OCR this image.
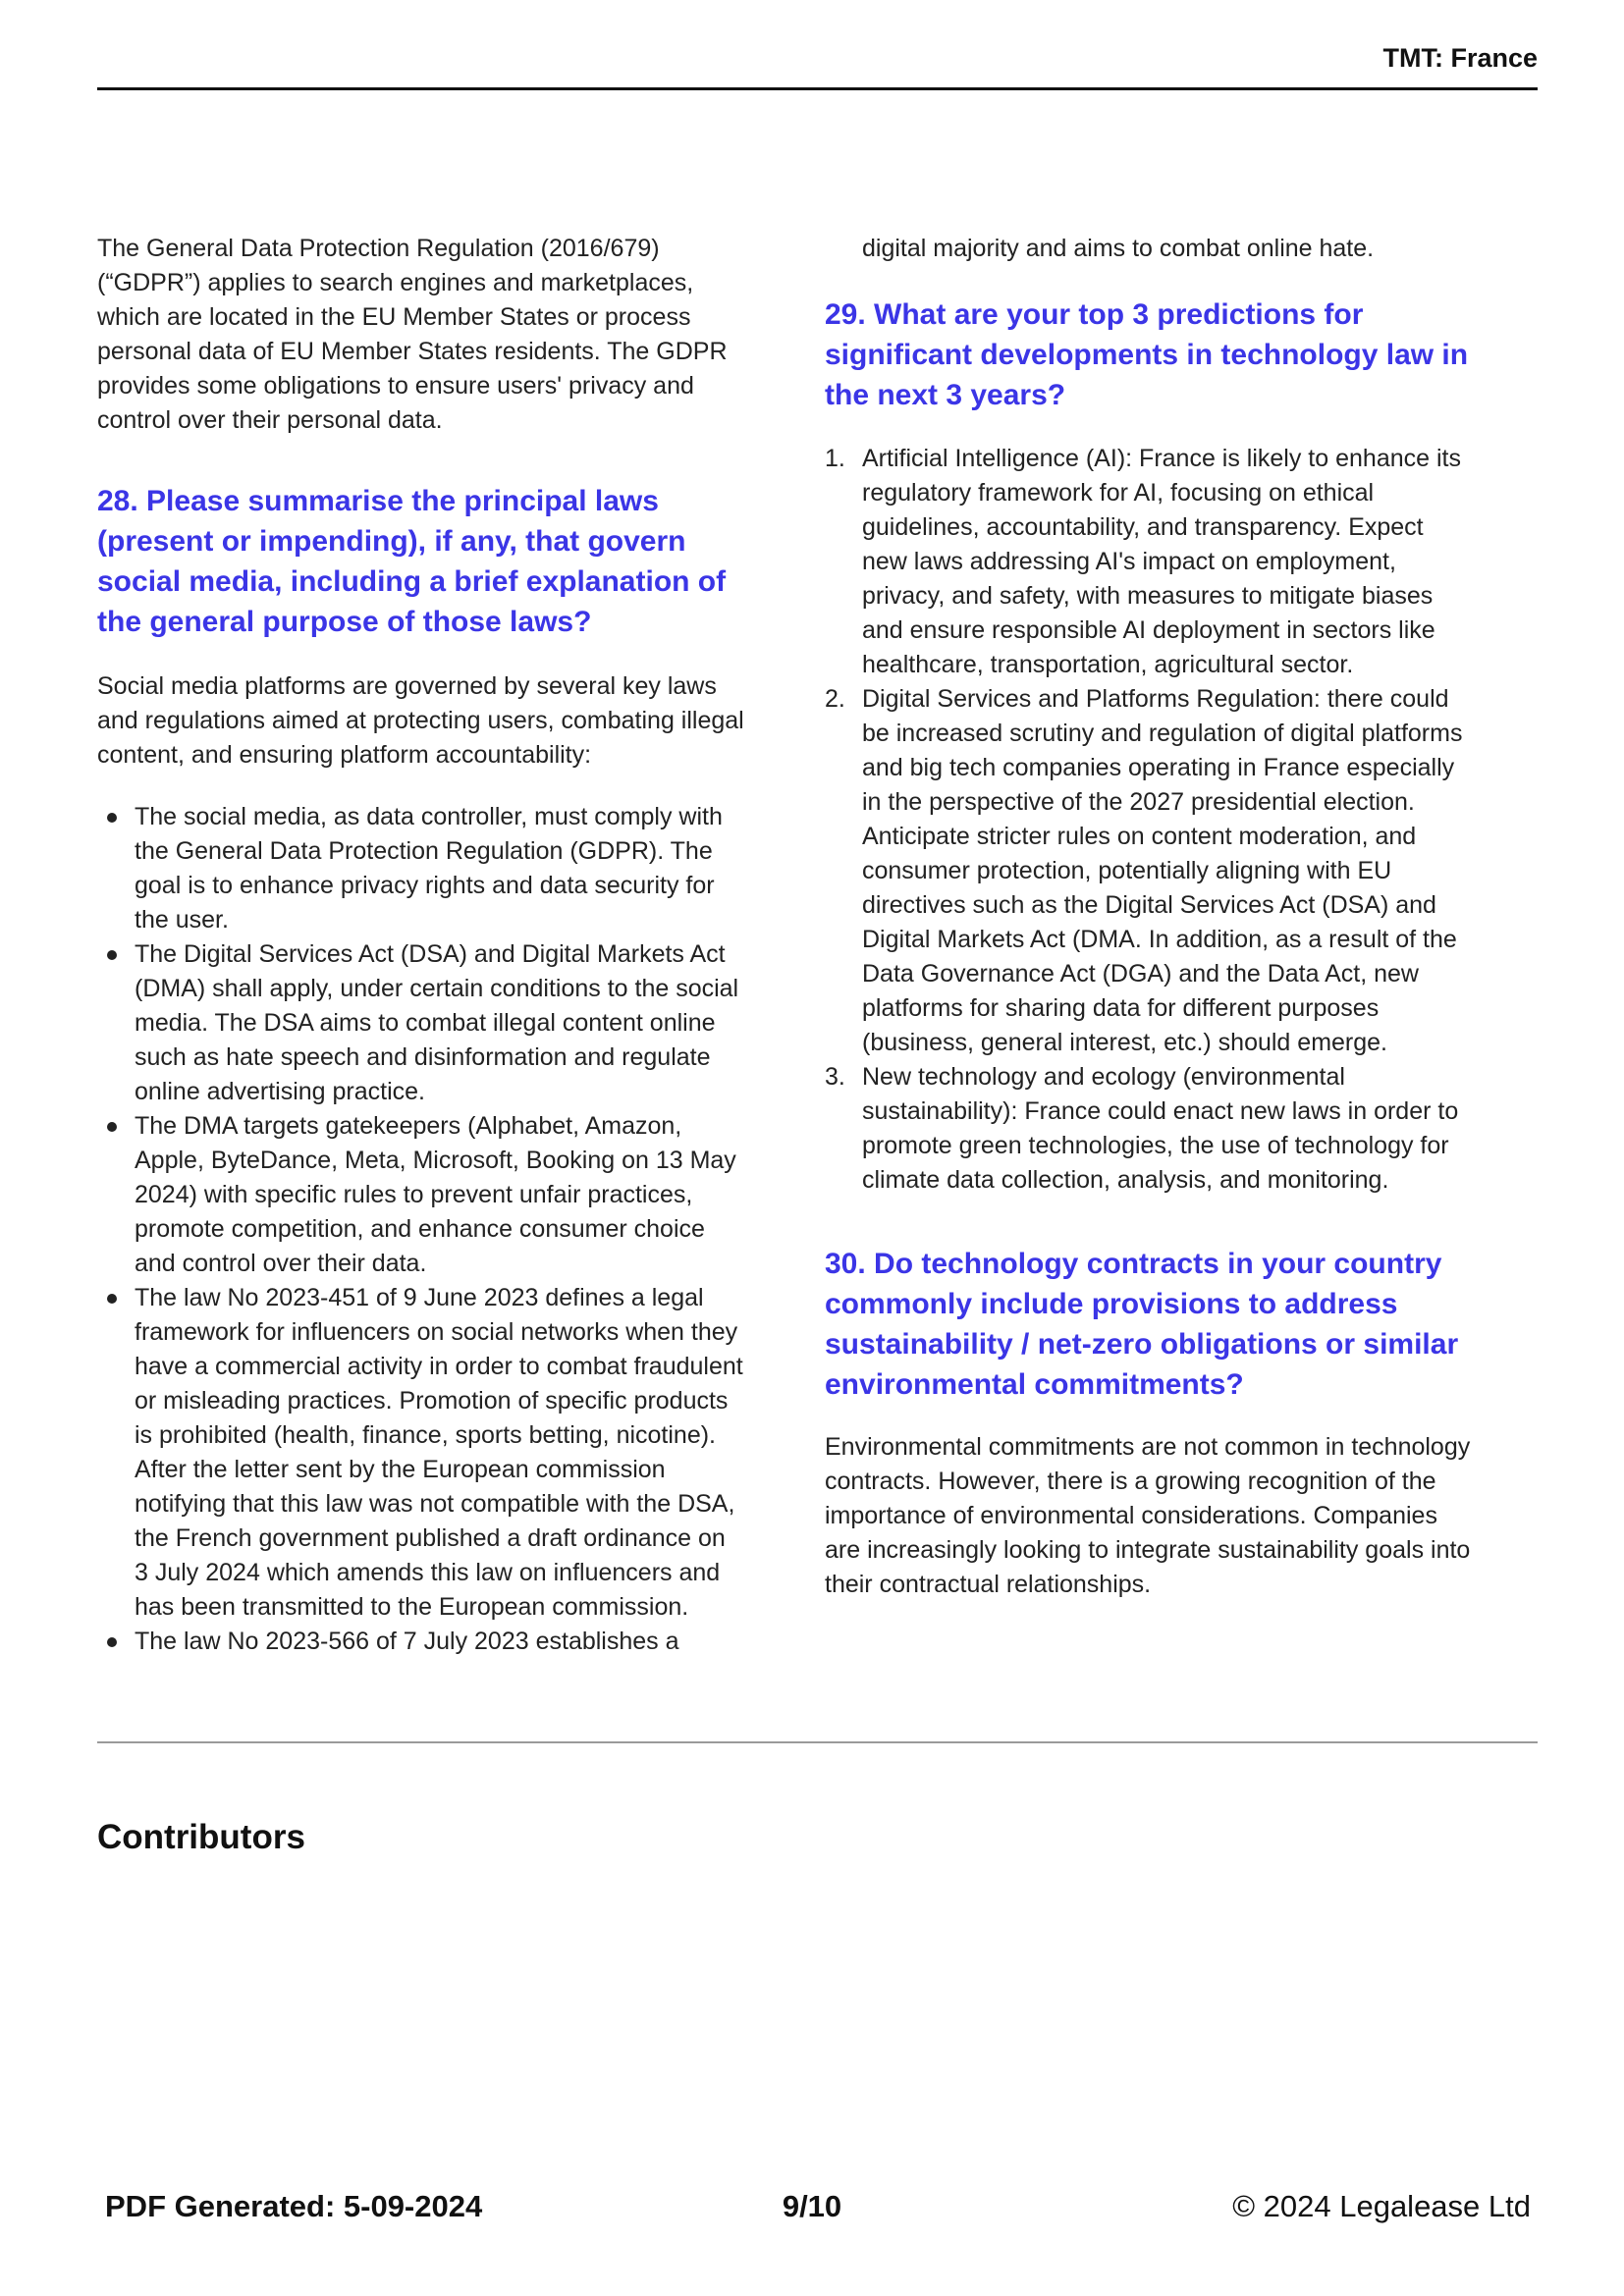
TMT: France

The General Data Protection Regulation (2016/679) (“GDPR”) applies to search engines and marketplaces, which are located in the EU Member States or process personal data of EU Member States residents. The GDPR provides some obligations to ensure users' privacy and control over their personal data.

28. Please summarise the principal laws (present or impending), if any, that govern social media, including a brief explanation of the general purpose of those laws?

Social media platforms are governed by several key laws and regulations aimed at protecting users, combating illegal content, and ensuring platform accountability:

The social media, as data controller, must comply with the General Data Protection Regulation (GDPR). The goal is to enhance privacy rights and data security for the user.
The Digital Services Act (DSA) and Digital Markets Act (DMA) shall apply, under certain conditions to the social media. The DSA aims to combat illegal content online such as hate speech and disinformation and regulate online advertising practice.
The DMA targets gatekeepers (Alphabet, Amazon, Apple, ByteDance, Meta, Microsoft, Booking on 13 May 2024) with specific rules to prevent unfair practices, promote competition, and enhance consumer choice and control over their data.
The law No 2023-451 of 9 June 2023 defines a legal framework for influencers on social networks when they have a commercial activity in order to combat fraudulent or misleading practices. Promotion of specific products is prohibited (health, finance, sports betting, nicotine). After the letter sent by the European commission notifying that this law was not compatible with the DSA, the French government published a draft ordinance on 3 July 2024 which amends this law on influencers and has been transmitted to the European commission.
The law No 2023-566 of 7 July 2023 establishes a

digital majority and aims to combat online hate.

29. What are your top 3 predictions for significant developments in technology law in the next 3 years?
1. Artificial Intelligence (AI): France is likely to enhance its regulatory framework for AI, focusing on ethical guidelines, accountability, and transparency. Expect new laws addressing AI's impact on employment, privacy, and safety, with measures to mitigate biases and ensure responsible AI deployment in sectors like healthcare, transportation, agricultural sector.
2. Digital Services and Platforms Regulation: there could be increased scrutiny and regulation of digital platforms and big tech companies operating in France especially in the perspective of the 2027 presidential election. Anticipate stricter rules on content moderation, and consumer protection, potentially aligning with EU directives such as the Digital Services Act (DSA) and Digital Markets Act (DMA. In addition, as a result of the Data Governance Act (DGA) and the Data Act, new platforms for sharing data for different purposes (business, general interest, etc.) should emerge.
3. New technology and ecology (environmental sustainability): France could enact new laws in order to promote green technologies, the use of technology for climate data collection, analysis, and monitoring.
30. Do technology contracts in your country commonly include provisions to address sustainability / net-zero obligations or similar environmental commitments?

Environmental commitments are not common in technology contracts. However, there is a growing recognition of the importance of environmental considerations. Companies are increasingly looking to integrate sustainability goals into their contractual relationships.

Contributors
9/10
PDF Generated: 5-09-2024	© 2024 Legalease Ltd
